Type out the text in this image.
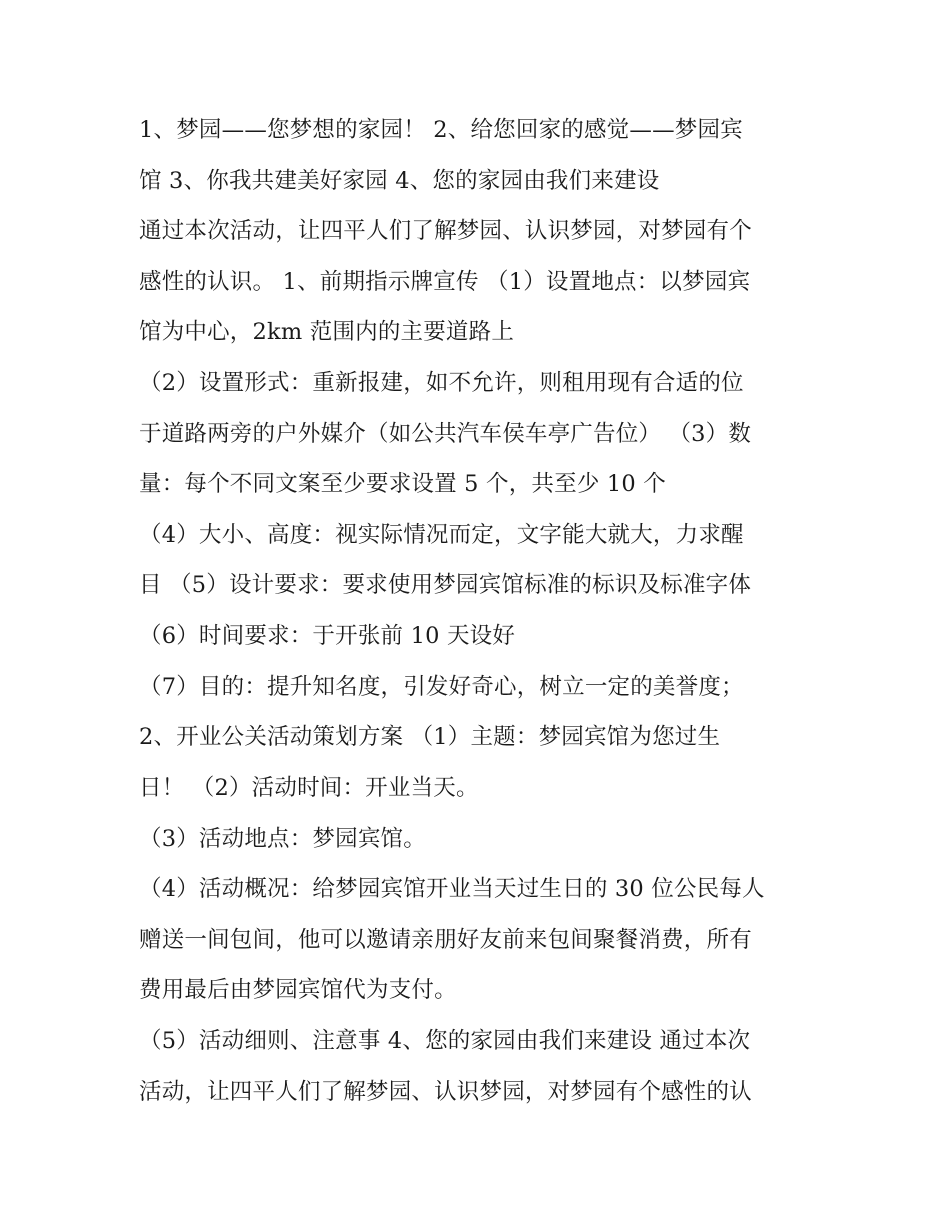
1、梦园——您梦想的家园！ 2、给您回家的感觉——梦园宾
馆 3、你我共建美好家园 4、您的家园由我们来建设
通过本次活动，让四平人们了解梦园、认识梦园，对梦园有个
感性的认识。 1、前期指示牌宣传 （1）设置地点：以梦园宾
馆为中心，2km 范围内的主要道路上
（2）设置形式：重新报建，如不允许，则租用现有合适的位
于道路两旁的户外媒介（如公共汽车侯车亭广告位） （3）数
量：每个不同文案至少要求设置 5 个，共至少 10 个
（4）大小、高度：视实际情况而定，文字能大就大，力求醒
目 （5）设计要求：要求使用梦园宾馆标准的标识及标准字体
（6）时间要求：于开张前 10 天设好
（7）目的：提升知名度，引发好奇心，树立一定的美誉度；
2、开业公关活动策划方案 （1）主题：梦园宾馆为您过生
日！ （2）活动时间：开业当天。
（3）活动地点：梦园宾馆。
（4）活动概况：给梦园宾馆开业当天过生日的 30 位公民每人
赠送一间包间，他可以邀请亲朋好友前来包间聚餐消费，所有
费用最后由梦园宾馆代为支付。
（5）活动细则、注意事 4、您的家园由我们来建设 通过本次
活动，让四平人们了解梦园、认识梦园，对梦园有个感性的认
